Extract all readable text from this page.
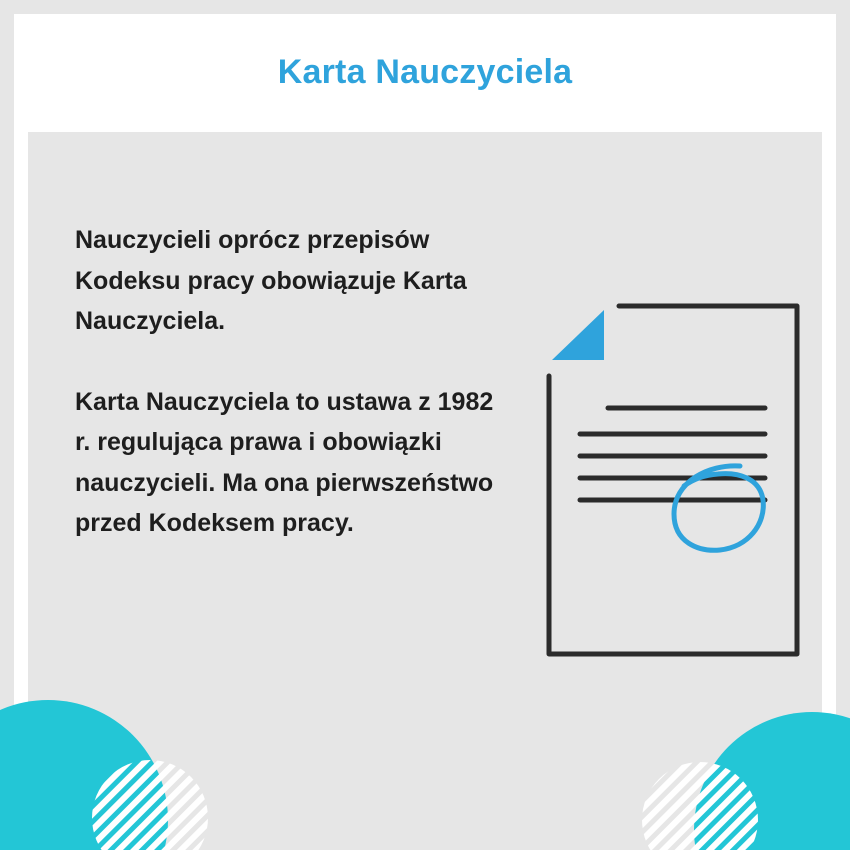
Karta Nauczyciela

Nauczycieli oprócz przepisów Kodeksu pracy obowiązuje Karta Nauczyciela.

Karta Nauczyciela to ustawa z 1982 r. regulująca prawa i obowiązki nauczycieli. Ma ona pierwszeństwo przed Kodeksem pracy.
